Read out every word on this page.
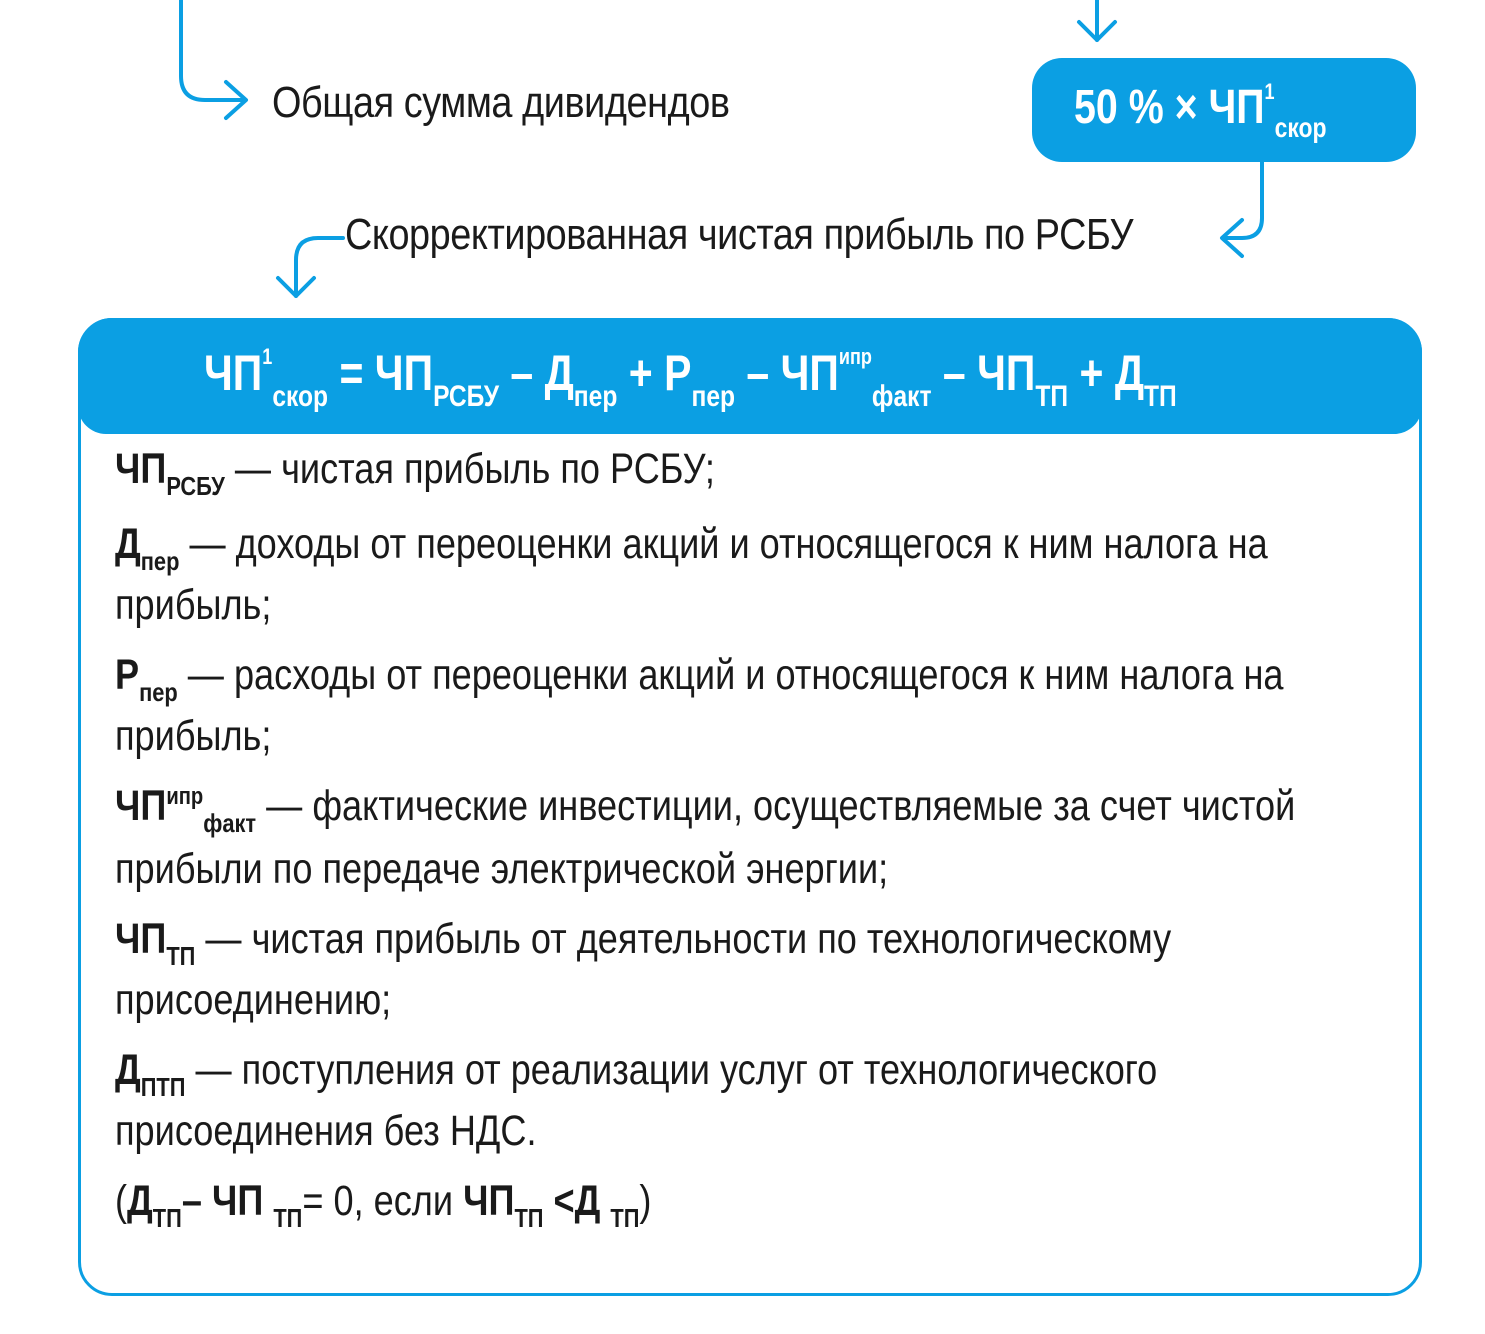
Общая сумма дивидендов	50 % × $ЧП^1_{скор}$
Скорректированная чистая прибыль по РСБУ
$ЧП^1_{скор} = ЧП_{РСБУ} - Д_{пер} + Р_{пер} - ЧП^{ипр}_{факт} - ЧП_{ТП} + Д_{ТП}$
$ЧП_{РСБУ}$ — чистая прибыль по РСБУ;
$Д_{пер}$ — доходы от переоценки акций и относящегося к ним налога на прибыль;
$Р_{пер}$ — расходы от переоценки акций и относящегося к ним налога на прибыль;
$ЧП^{ипр}_{факт}$ — фактические инвестиции, осуществляемые за счет чистой прибыли по передаче электрической энергии;
$ЧП_{ТП}$ — чистая прибыль от деятельности по технологическому присоединению;
$Д_{ПТП}$ — поступления от реализации услуг от технологического присоединения без НДС.
($Д_{ТП}-$ ЧП $_{ТП}$= 0, если $ЧП_{ТП} <Д$ $_{ТП}$)
